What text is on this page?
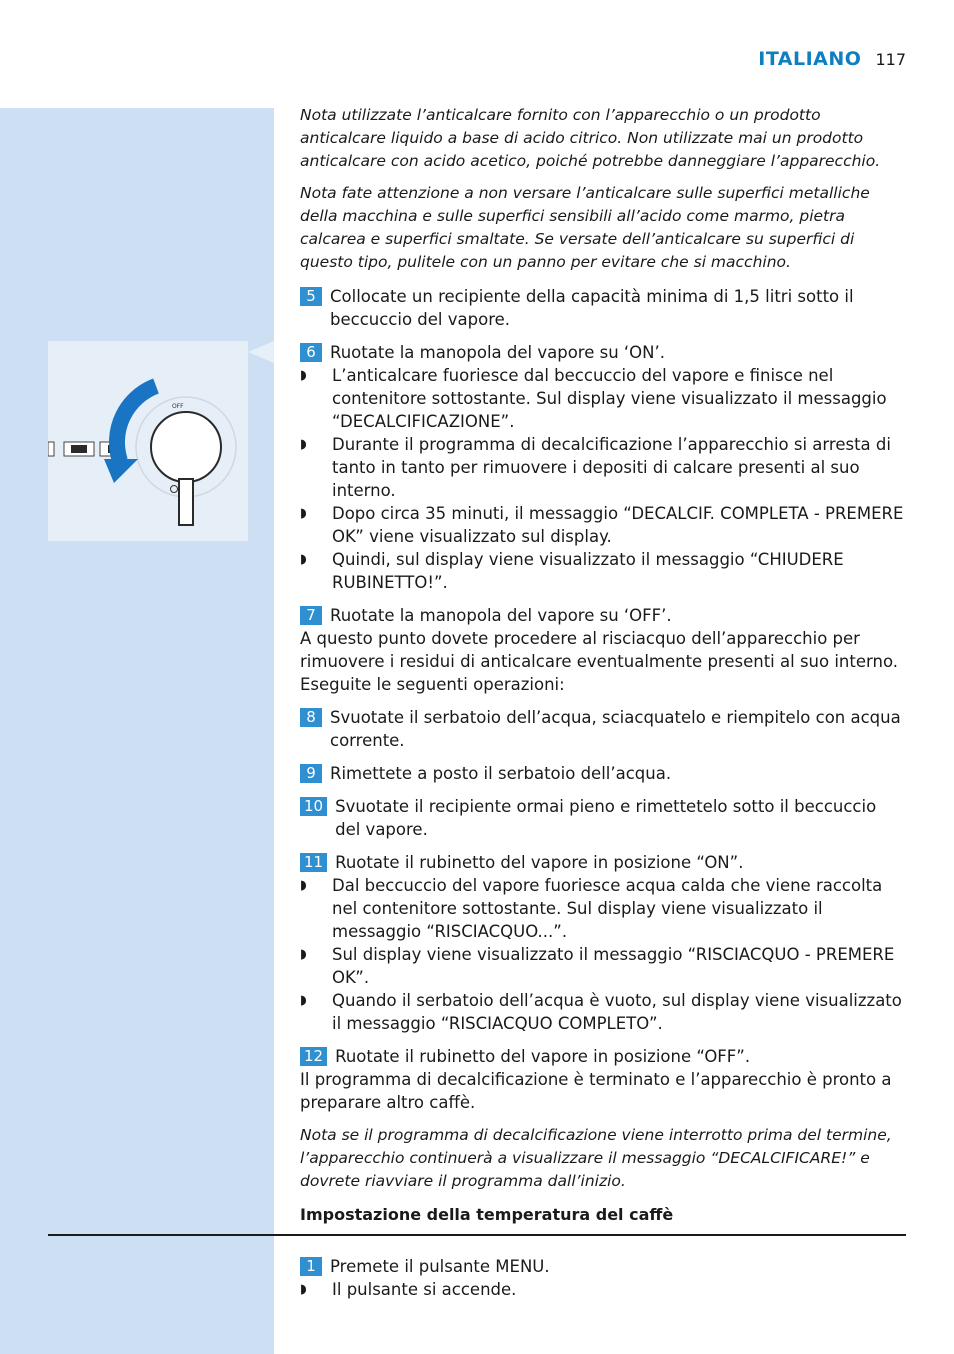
ITALIANO 117
OFF

Nota utilizzate l’anticalcare fornito con l’apparecchio o un prodotto anticalcare liquido a base di acido citrico. Non utilizzate mai un prodotto anticalcare con acido acetico, poiché potrebbe danneggiare l’apparecchio.

Nota fate attenzione a non versare l’anticalcare sulle superfici metalliche della macchina e sulle superfici sensibili all’acido come marmo, pietra calcarea e superfici smaltate. Se versate dell’anticalcare su superfici di questo tipo, pulitele con un panno per evitare che si macchino.

5 Collocate un recipiente della capacità minima di 1,5 litri sotto il beccuccio del vapore.
6 Ruotate la manopola del vapore su ‘ON’.
◗	L’anticalcare fuoriesce dal beccuccio del vapore e finisce nel contenitore sottostante. Sul display viene visualizzato il messaggio “DECALCIFICAZIONE”.
◗	Durante il programma di decalcificazione l’apparecchio si arresta di tanto in tanto per rimuovere i depositi di calcare presenti al suo interno.
◗	Dopo circa 35 minuti, il messaggio “DECALCIF. COMPLETA - PREMERE OK” viene visualizzato sul display.
◗	Quindi, sul display viene visualizzato il messaggio “CHIUDERE RUBINETTO!”.
7 Ruotate la manopola del vapore su ‘OFF’.

A questo punto dovete procedere al risciacquo dell’apparecchio per rimuovere i residui di anticalcare eventualmente presenti al suo interno. Eseguite le seguenti operazioni:

8 Svuotate il serbatoio dell’acqua, sciacquatelo e riempitelo con acqua corrente.
9 Rimettete a posto il serbatoio dell’acqua.
10 Svuotate il recipiente ormai pieno e rimettetelo sotto il beccuccio del vapore.
11 Ruotate il rubinetto del vapore in posizione “ON”.
◗	Dal beccuccio del vapore fuoriesce acqua calda che viene raccolta nel contenitore sottostante. Sul display viene visualizzato il messaggio “RISCIACQUO...”.
◗	Sul display viene visualizzato il messaggio “RISCIACQUO - PREMERE OK”.
◗	Quando il serbatoio dell’acqua è vuoto, sul display viene visualizzato il messaggio “RISCIACQUO COMPLETO”.
12 Ruotate il rubinetto del vapore in posizione “OFF”.

Il programma di decalcificazione è terminato e l’apparecchio è pronto a preparare altro caffè.

Nota se il programma di decalcificazione viene interrotto prima del termine, l’apparecchio continuerà a visualizzare il messaggio “DECALCIFICARE!” e dovrete riavviare il programma dall’inizio.

Impostazione della temperatura del caffè
1 Premete il pulsante MENU.
◗	Il pulsante si accende.
